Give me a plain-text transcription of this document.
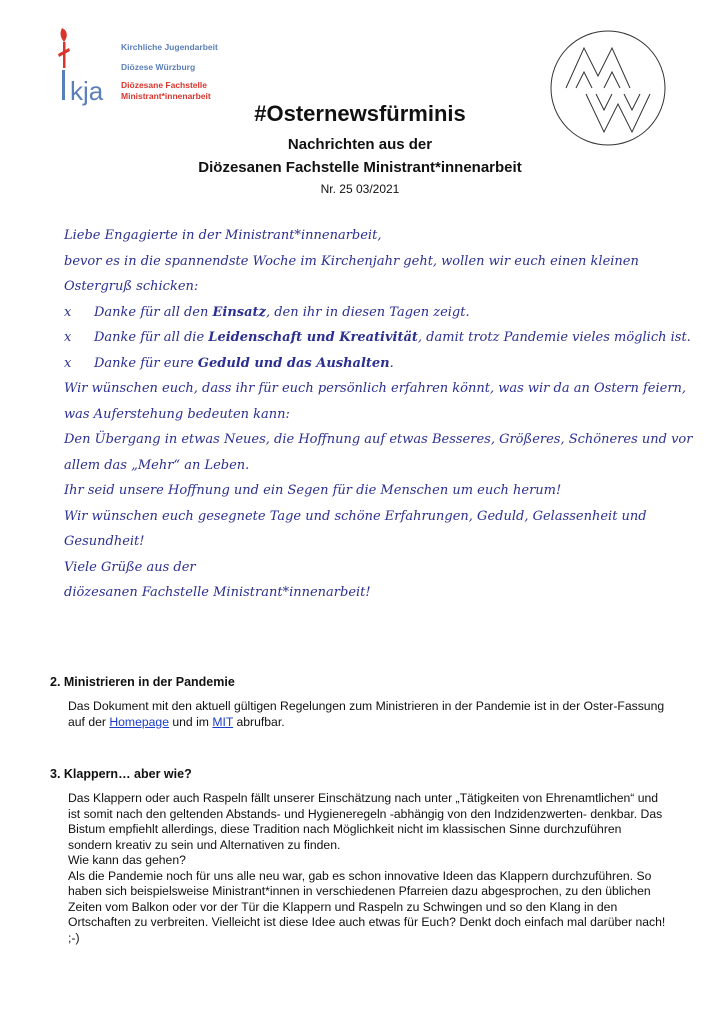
kja
Kirchliche Jugendarbeit
Diözese Würzburg
Diözesane Fachstelle
Ministrant*innenarbeit
#Osternewsfürminis
Nachrichten aus der
Diözesanen Fachstelle Ministrant*innenarbeit
Nr. 25 03/2021
Liebe Engagierte in der Ministrant*innenarbeit,
bevor es in die spannendste Woche im Kirchenjahr geht, wollen wir euch einen kleinen
Ostergruß schicken:
x	Danke für all den Einsatz, den ihr in diesen Tagen zeigt.
x	Danke für all die Leidenschaft und Kreativität, damit trotz Pandemie vieles möglich ist.
x	Danke für eure Geduld und das Aushalten.
Wir wünschen euch, dass ihr für euch persönlich erfahren könnt, was wir da an Ostern feiern,
was Auferstehung bedeuten kann:
Den Übergang in etwas Neues, die Hoffnung auf etwas Besseres, Größeres, Schöneres und vor
allem das „Mehr“ an Leben.
Ihr seid unsere Hoffnung und ein Segen für die Menschen um euch herum!
Wir wünschen euch gesegnete Tage und schöne Erfahrungen, Geduld, Gelassenheit und
Gesundheit!
Viele Grüße aus der
diözesanen Fachstelle Ministrant*innenarbeit!
2. Ministrieren in der Pandemie

Das Dokument mit den aktuell gültigen Regelungen zum Ministrieren in der Pandemie ist in der Oster-Fassung auf der Homepage und im MIT abrufbar.

3. Klappern… aber wie?

Das Klappern oder auch Raspeln fällt unserer Einschätzung nach unter „Tätigkeiten von Ehrenamtlichen“ und ist somit nach den geltenden Abstands- und Hygieneregeln -abhängig von den Indzidenzwerten- denkbar. Das Bistum empfiehlt allerdings, diese Tradition nach Möglichkeit nicht im klassischen Sinne durchzuführen sondern kreativ zu sein und Alternativen zu finden.

Wie kann das gehen?

Als die Pandemie noch für uns alle neu war, gab es schon innovative Ideen das Klappern durchzuführen. So haben sich beispielsweise Ministrant*innen in verschiedenen Pfarreien dazu abgesprochen, zu den üblichen Zeiten vom Balkon oder vor der Tür die Klappern und Raspeln zu Schwingen und so den Klang in den Ortschaften zu verbreiten. Vielleicht ist diese Idee auch etwas für Euch? Denkt doch einfach mal darüber nach! ;-)
